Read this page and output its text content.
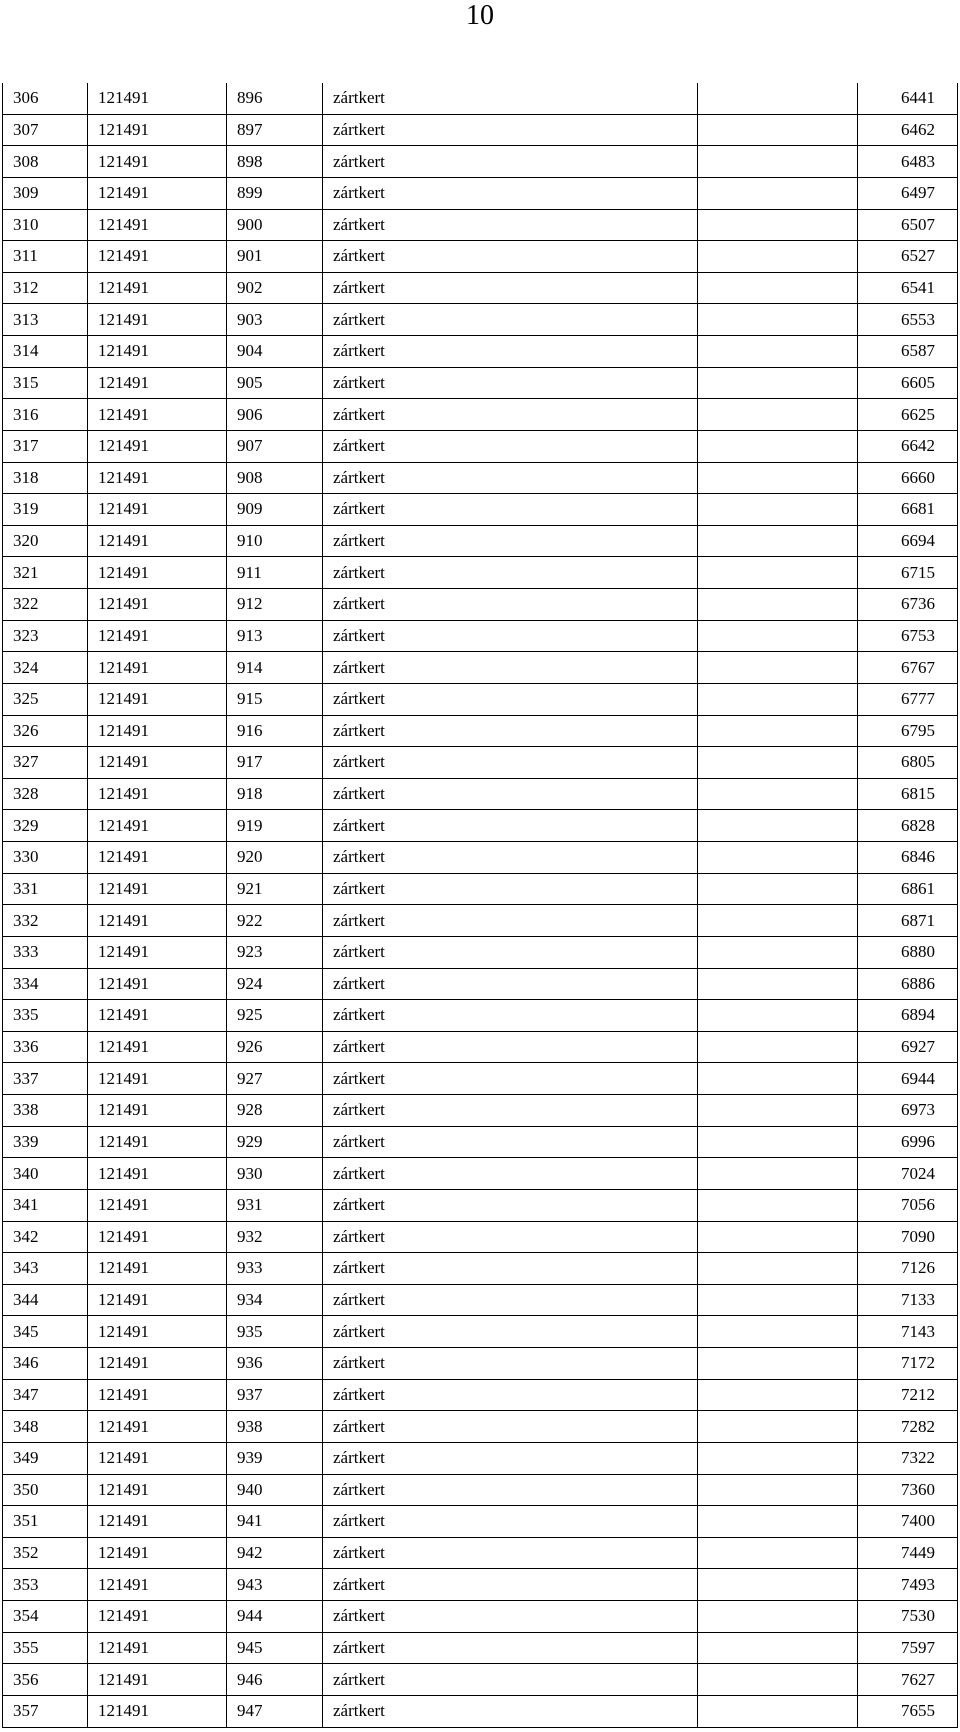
10
306	121491	896	zártkert		6441
307	121491	897	zártkert		6462
308	121491	898	zártkert		6483
309	121491	899	zártkert		6497
310	121491	900	zártkert		6507
311	121491	901	zártkert		6527
312	121491	902	zártkert		6541
313	121491	903	zártkert		6553
314	121491	904	zártkert		6587
315	121491	905	zártkert		6605
316	121491	906	zártkert		6625
317	121491	907	zártkert		6642
318	121491	908	zártkert		6660
319	121491	909	zártkert		6681
320	121491	910	zártkert		6694
321	121491	911	zártkert		6715
322	121491	912	zártkert		6736
323	121491	913	zártkert		6753
324	121491	914	zártkert		6767
325	121491	915	zártkert		6777
326	121491	916	zártkert		6795
327	121491	917	zártkert		6805
328	121491	918	zártkert		6815
329	121491	919	zártkert		6828
330	121491	920	zártkert		6846
331	121491	921	zártkert		6861
332	121491	922	zártkert		6871
333	121491	923	zártkert		6880
334	121491	924	zártkert		6886
335	121491	925	zártkert		6894
336	121491	926	zártkert		6927
337	121491	927	zártkert		6944
338	121491	928	zártkert		6973
339	121491	929	zártkert		6996
340	121491	930	zártkert		7024
341	121491	931	zártkert		7056
342	121491	932	zártkert		7090
343	121491	933	zártkert		7126
344	121491	934	zártkert		7133
345	121491	935	zártkert		7143
346	121491	936	zártkert		7172
347	121491	937	zártkert		7212
348	121491	938	zártkert		7282
349	121491	939	zártkert		7322
350	121491	940	zártkert		7360
351	121491	941	zártkert		7400
352	121491	942	zártkert		7449
353	121491	943	zártkert		7493
354	121491	944	zártkert		7530
355	121491	945	zártkert		7597
356	121491	946	zártkert		7627
357	121491	947	zártkert		7655
